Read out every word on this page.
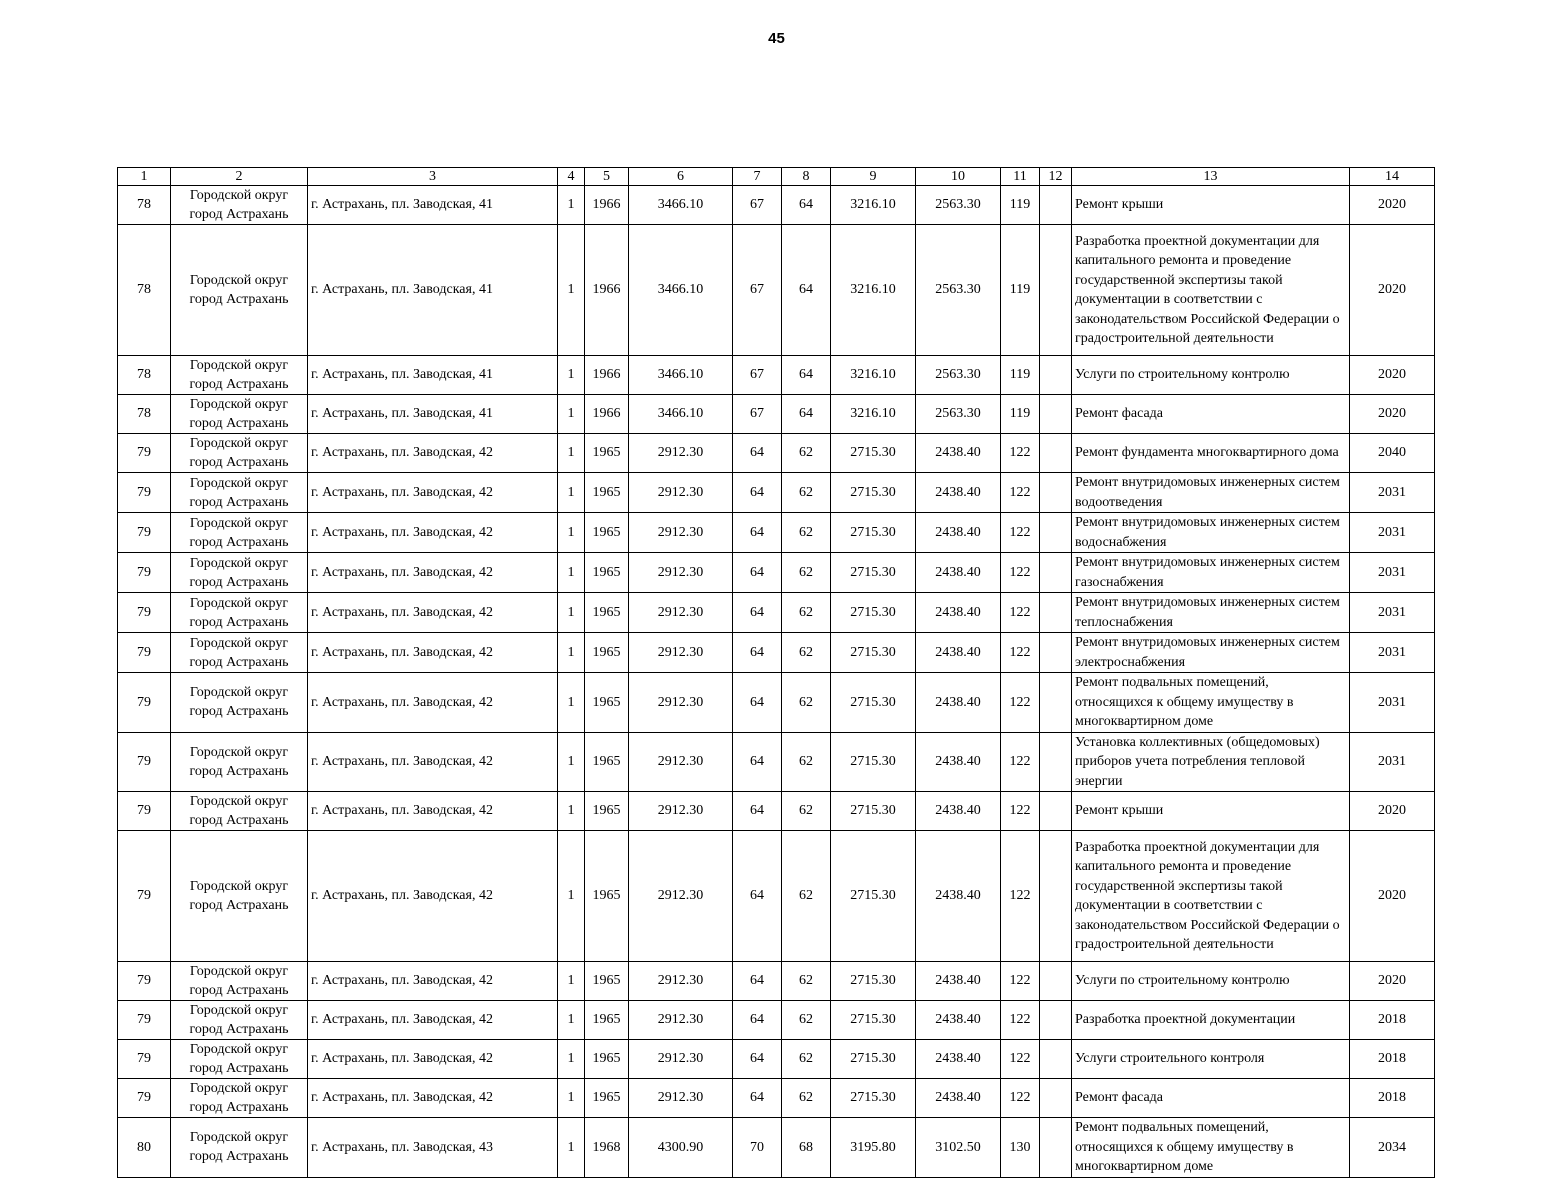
45
1	2	3	4	5	6	7	8	9	10	11	12	13	14
78	Городской округ город Астрахань	г. Астрахань, пл. Заводская, 41	1	1966	3466.10	67	64	3216.10	2563.30	119		Ремонт крыши	2020
78	Городской округ город Астрахань	г. Астрахань, пл. Заводская, 41	1	1966	3466.10	67	64	3216.10	2563.30	119		Разработка проектной документации для капитального ремонта и проведение государственной экспертизы такой документации в соответствии с законодательством Российской Федерации о градостроительной деятельности	2020
78	Городской округ город Астрахань	г. Астрахань, пл. Заводская, 41	1	1966	3466.10	67	64	3216.10	2563.30	119		Услуги по строительному контролю	2020
78	Городской округ город Астрахань	г. Астрахань, пл. Заводская, 41	1	1966	3466.10	67	64	3216.10	2563.30	119		Ремонт фасада	2020
79	Городской округ город Астрахань	г. Астрахань, пл. Заводская, 42	1	1965	2912.30	64	62	2715.30	2438.40	122		Ремонт фундамента многоквартирного дома	2040
79	Городской округ город Астрахань	г. Астрахань, пл. Заводская, 42	1	1965	2912.30	64	62	2715.30	2438.40	122		Ремонт внутридомовых инженерных систем водоотведения	2031
79	Городской округ город Астрахань	г. Астрахань, пл. Заводская, 42	1	1965	2912.30	64	62	2715.30	2438.40	122		Ремонт внутридомовых инженерных систем водоснабжения	2031
79	Городской округ город Астрахань	г. Астрахань, пл. Заводская, 42	1	1965	2912.30	64	62	2715.30	2438.40	122		Ремонт внутридомовых инженерных систем газоснабжения	2031
79	Городской округ город Астрахань	г. Астрахань, пл. Заводская, 42	1	1965	2912.30	64	62	2715.30	2438.40	122		Ремонт внутридомовых инженерных систем теплоснабжения	2031
79	Городской округ город Астрахань	г. Астрахань, пл. Заводская, 42	1	1965	2912.30	64	62	2715.30	2438.40	122		Ремонт внутридомовых инженерных систем электроснабжения	2031
79	Городской округ город Астрахань	г. Астрахань, пл. Заводская, 42	1	1965	2912.30	64	62	2715.30	2438.40	122		Ремонт подвальных помещений, относящихся к общему имуществу в многоквартирном доме	2031
79	Городской округ город Астрахань	г. Астрахань, пл. Заводская, 42	1	1965	2912.30	64	62	2715.30	2438.40	122		Установка коллективных (общедомовых) приборов учета потребления тепловой энергии	2031
79	Городской округ город Астрахань	г. Астрахань, пл. Заводская, 42	1	1965	2912.30	64	62	2715.30	2438.40	122		Ремонт крыши	2020
79	Городской округ город Астрахань	г. Астрахань, пл. Заводская, 42	1	1965	2912.30	64	62	2715.30	2438.40	122		Разработка проектной документации для капитального ремонта и проведение государственной экспертизы такой документации в соответствии с законодательством Российской Федерации о градостроительной деятельности	2020
79	Городской округ город Астрахань	г. Астрахань, пл. Заводская, 42	1	1965	2912.30	64	62	2715.30	2438.40	122		Услуги по строительному контролю	2020
79	Городской округ город Астрахань	г. Астрахань, пл. Заводская, 42	1	1965	2912.30	64	62	2715.30	2438.40	122		Разработка проектной документации	2018
79	Городской округ город Астрахань	г. Астрахань, пл. Заводская, 42	1	1965	2912.30	64	62	2715.30	2438.40	122		Услуги строительного контроля	2018
79	Городской округ город Астрахань	г. Астрахань, пл. Заводская, 42	1	1965	2912.30	64	62	2715.30	2438.40	122		Ремонт фасада	2018
80	Городской округ город Астрахань	г. Астрахань, пл. Заводская, 43	1	1968	4300.90	70	68	3195.80	3102.50	130		Ремонт подвальных помещений, относящихся к общему имуществу в многоквартирном доме	2034
